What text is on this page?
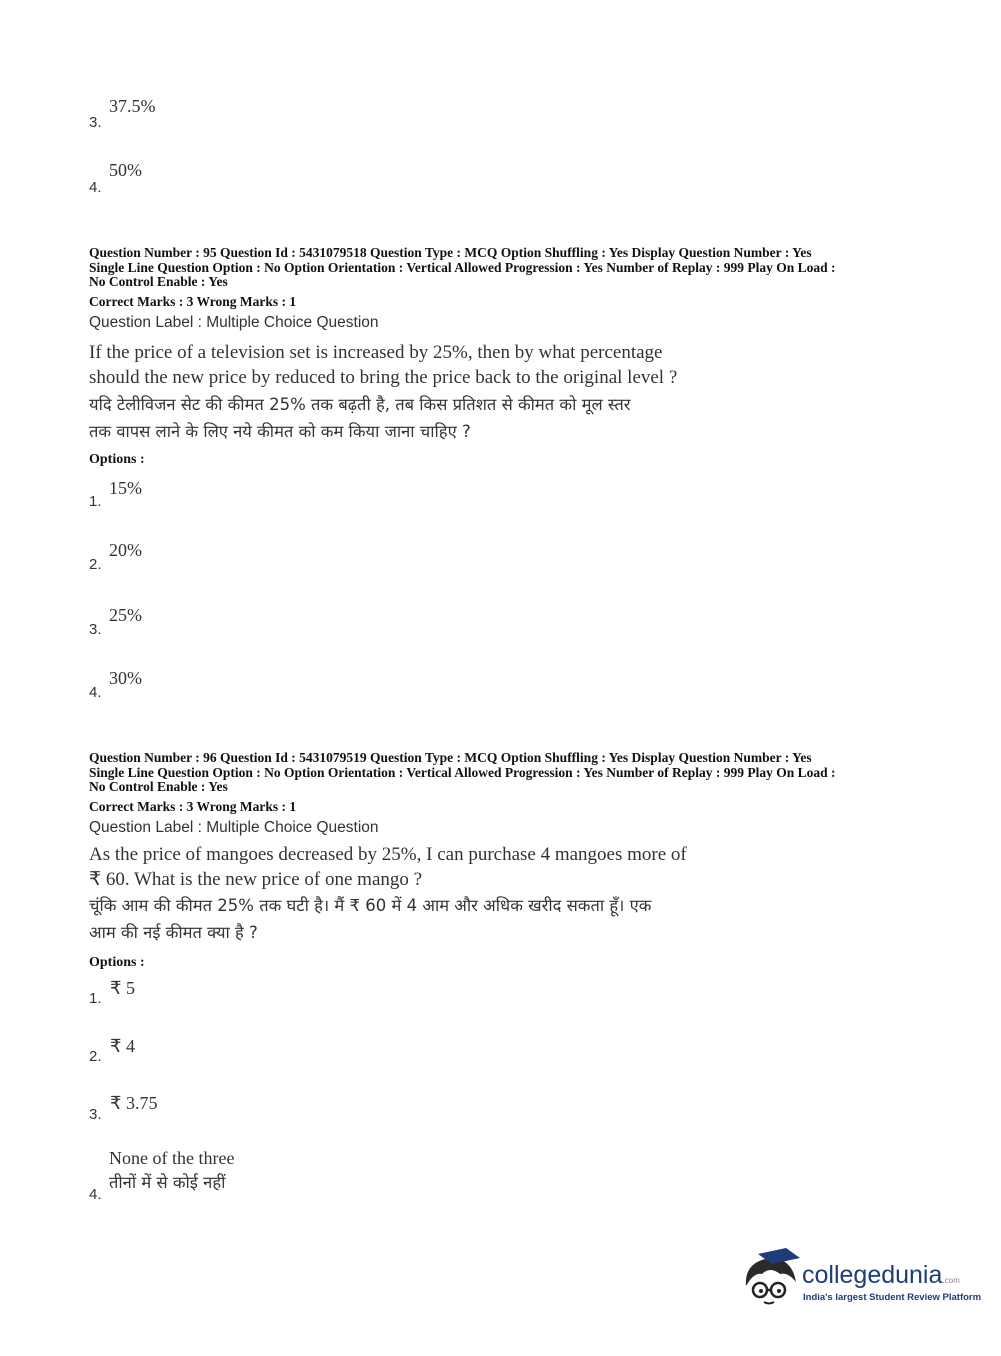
37.5%
3.
50%
4.
Question Number : 95 Question Id : 5431079518 Question Type : MCQ Option Shuffling : Yes Display Question Number : Yes
Single Line Question Option : No Option Orientation : Vertical Allowed Progression : Yes Number of Replay : 999 Play On Load :
No Control Enable : Yes
Correct Marks : 3 Wrong Marks : 1
Question Label : Multiple Choice Question
If the price of a television set is increased by 25%, then by what percentage
should the new price by reduced to bring the price back to the original level ?
यदि टेलीविजन सेट की कीमत 25% तक बढ़ती है, तब किस प्रतिशत से कीमत को मूल स्तर
तक वापस लाने के लिए नये कीमत को कम किया जाना चाहिए ?
Options :
15%
1.
20%
2.
25%
3.
30%
4.
Question Number : 96 Question Id : 5431079519 Question Type : MCQ Option Shuffling : Yes Display Question Number : Yes
Single Line Question Option : No Option Orientation : Vertical Allowed Progression : Yes Number of Replay : 999 Play On Load :
No Control Enable : Yes
Correct Marks : 3 Wrong Marks : 1
Question Label : Multiple Choice Question
As the price of mangoes decreased by 25%, I can purchase 4 mangoes more of
₹ 60. What is the new price of one mango ?
चूंकि आम की कीमत 25% तक घटी है। मैं ₹ 60 में 4 आम और अधिक खरीद सकता हूँ। एक
आम की नई कीमत क्या है ?
Options :
₹ 5
1.
₹ 4
2.
₹ 3.75
3.
None of the three
तीनों में से कोई नहीं
4.
collegedunia.com
India's largest Student Review Platform
